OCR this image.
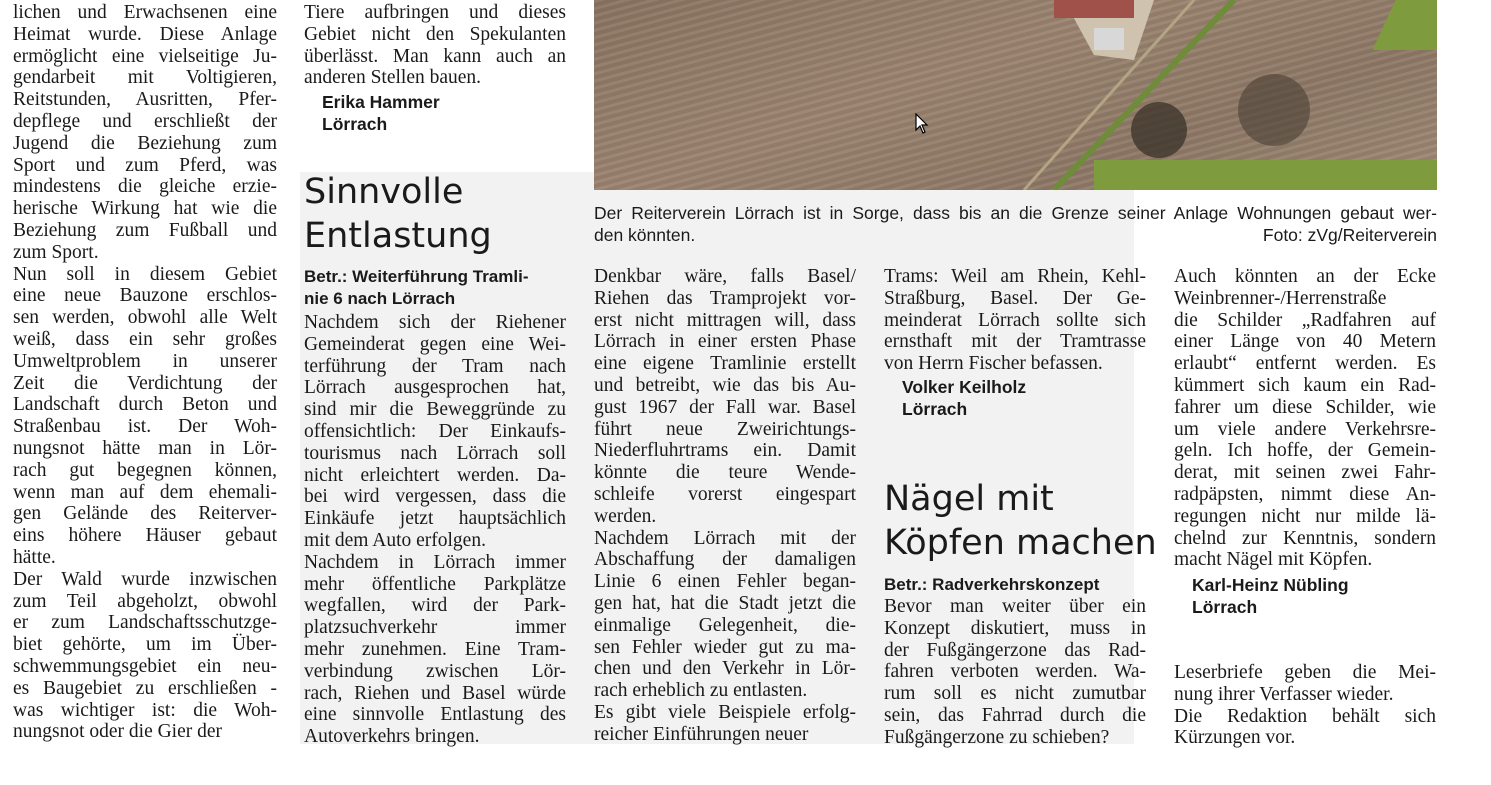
lichen und Erwachsenen eine

Heimat wurde. Diese Anlage

ermöglicht eine vielseitige Ju-

gendarbeit mit Voltigieren,

Reitstunden, Ausritten, Pfer-

depflege und erschließt der

Jugend die Beziehung zum

Sport und zum Pferd, was

mindestens die gleiche erzie-

herische Wirkung hat wie die

Beziehung zum Fußball und

zum Sport.

Nun soll in diesem Gebiet

eine neue Bauzone erschlos-

sen werden, obwohl alle Welt

weiß, dass ein sehr großes

Umweltproblem in unserer

Zeit die Verdichtung der

Landschaft durch Beton und

Straßenbau ist. Der Woh-

nungsnot hätte man in Lör-

rach gut begegnen können,

wenn man auf dem ehemali-

gen Gelände des Reiterver-

eins höhere Häuser gebaut

hätte.

Der Wald wurde inzwischen

zum Teil abgeholzt, obwohl

er zum Landschaftsschutzge-

biet gehörte, um im Über-

schwemmungsgebiet ein neu-

es Baugebiet zu erschließen -

was wichtiger ist: die Woh-

nungsnot oder die Gier der

Tiere aufbringen und dieses

Gebiet nicht den Spekulanten

überlässt. Man kann auch an

anderen Stellen bauen.

Erika Hammer
Lörrach
Sinnvolle
Entlastung
Betr.: Weiterführung Tramli-
nie 6 nach Lörrach

Nachdem sich der Riehener

Gemeinderat gegen eine Wei-

terführung der Tram nach

Lörrach ausgesprochen hat,

sind mir die Beweggründe zu

offensichtlich: Der Einkaufs-

tourismus nach Lörrach soll

nicht erleichtert werden. Da-

bei wird vergessen, dass die

Einkäufe jetzt hauptsächlich

mit dem Auto erfolgen.

Nachdem in Lörrach immer

mehr öffentliche Parkplätze

wegfallen, wird der Park-

platzsuchverkehr immer

mehr zunehmen. Eine Tram-

verbindung zwischen Lör-

rach, Riehen und Basel würde

eine sinnvolle Entlastung des

Autoverkehrs bringen.

Der Reiterverein Lörrach ist in Sorge, dass bis an die Grenze seiner Anlage Wohnungen gebaut wer-
den könnten.	Foto: zVg/Reiterverein

Denkbar wäre, falls Basel/

Riehen das Tramprojekt vor-

erst nicht mittragen will, dass

Lörrach in einer ersten Phase

eine eigene Tramlinie erstellt

und betreibt, wie das bis Au-

gust 1967 der Fall war. Basel

führt neue Zweirichtungs-

Niederfluhrtrams ein. Damit

könnte die teure Wende-

schleife vorerst eingespart

werden.

Nachdem Lörrach mit der

Abschaffung der damaligen

Linie 6 einen Fehler began-

gen hat, hat die Stadt jetzt die

einmalige Gelegenheit, die-

sen Fehler wieder gut zu ma-

chen und den Verkehr in Lör-

rach erheblich zu entlasten.

Es gibt viele Beispiele erfolg-

reicher Einführungen neuer

Trams: Weil am Rhein, Kehl-

Straßburg, Basel. Der Ge-

meinderat Lörrach sollte sich

ernsthaft mit der Tramtrasse

von Herrn Fischer befassen.

Volker Keilholz
Lörrach
Nägel mit
Köpfen machen
Betr.: Radverkehrskonzept

Bevor man weiter über ein

Konzept diskutiert, muss in

der Fußgängerzone das Rad-

fahren verboten werden. Wa-

rum soll es nicht zumutbar

sein, das Fahrrad durch die

Fußgängerzone zu schieben?

Auch könnten an der Ecke

Weinbrenner-/Herrenstraße

die Schilder „Radfahren auf

einer Länge von 40 Metern

erlaubt“ entfernt werden. Es

kümmert sich kaum ein Rad-

fahrer um diese Schilder, wie

um viele andere Verkehrsre-

geln. Ich hoffe, der Gemein-

derat, mit seinen zwei Fahr-

radpäpsten, nimmt diese An-

regungen nicht nur milde lä-

chelnd zur Kenntnis, sondern

macht Nägel mit Köpfen.

Karl-Heinz Nübling
Lörrach

Leserbriefe geben die Mei-

nung ihrer Verfasser wieder.

Die Redaktion behält sich

Kürzungen vor.
